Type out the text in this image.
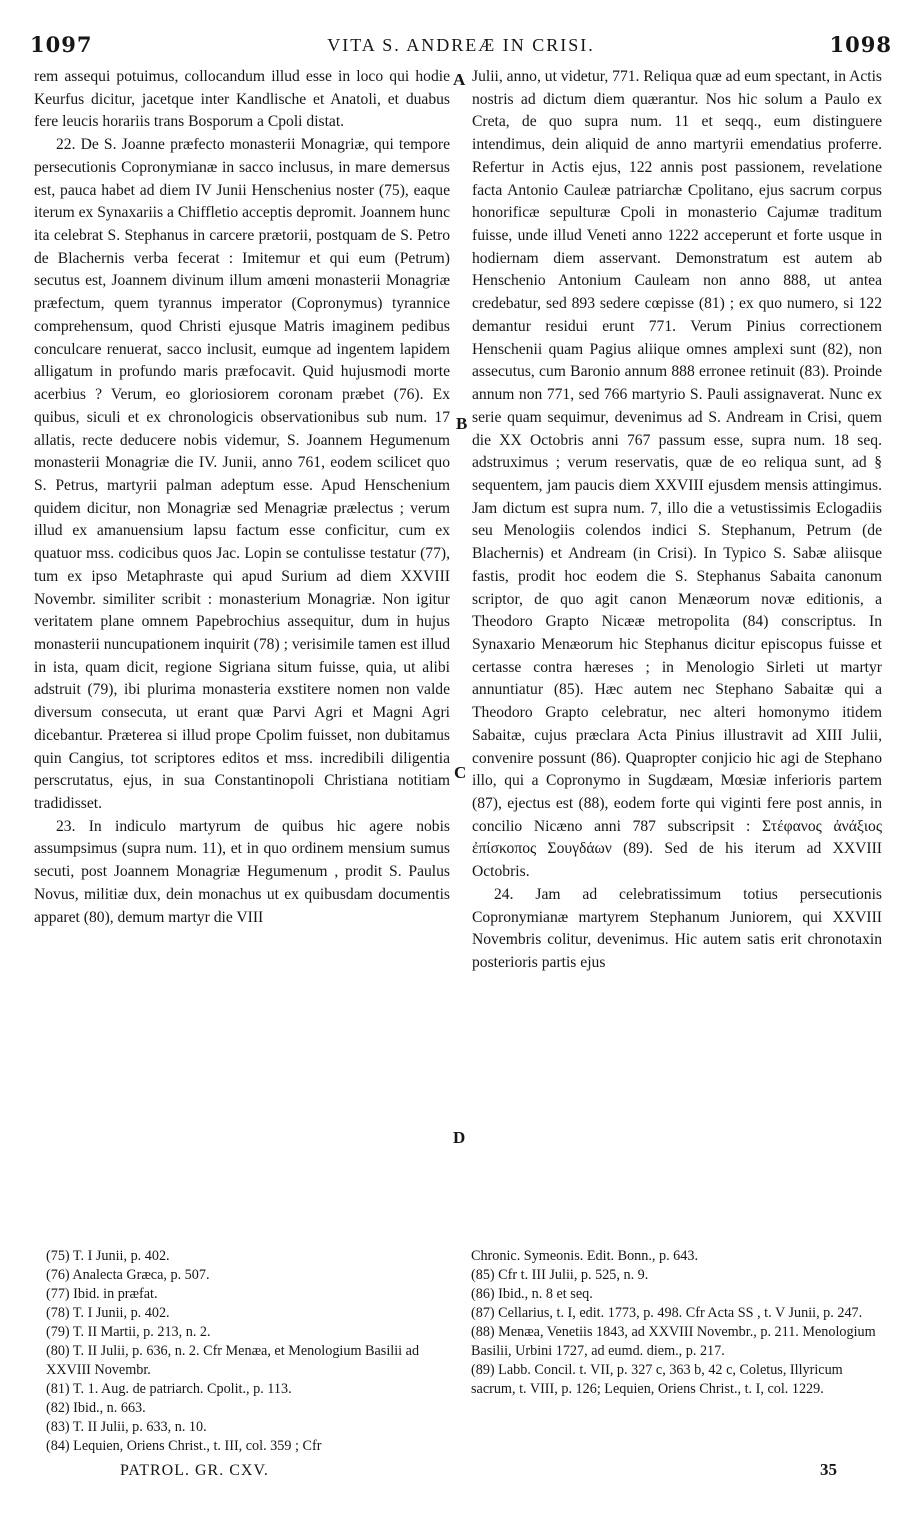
1097	VITA S. ANDREÆ IN CRISI.	1098

rem assequi potuimus, collocandum illud esse in loco qui hodie Keurfus dicitur, jacetque inter Kandlische et Anatoli, et duabus fere leucis horariis trans Bosporum a Cpoli distat.

22. De S. Joanne præfecto monasterii Monagriæ, qui tempore persecutionis Copronymianæ in sacco inclusus, in mare demersus est, pauca habet ad diem IV Junii Henschenius noster (75), eaque iterum ex Synaxariis a Chiffletio acceptis depromit. Joannem hunc ita celebrat S. Stephanus in carcere prætorii, postquam de S. Petro de Blachernis verba fecerat : Imitemur et qui eum (Petrum) secutus est, Joannem divinum illum amœni monasterii Monagriæ præfectum, quem tyrannus imperator (Copronymus) tyrannice comprehensum, quod Christi ejusque Matris imaginem pedibus conculcare renuerat, sacco inclusit, eumque ad ingentem lapidem alligatum in profundo maris præfocavit. Quid hujusmodi morte acerbius ? Verum, eo gloriosiorem coronam præbet (76). Ex quibus, siculi et ex chronologicis observationibus sub num. 17 allatis, recte deducere nobis videmur, S. Joannem Hegumenum monasterii Monagriæ die IV. Junii, anno 761, eodem scilicet quo S. Petrus, martyrii palman adeptum esse. Apud Henschenium quidem dicitur, non Monagriæ sed Menagriæ prælectus ; verum illud ex amanuensium lapsu factum esse conficitur, cum ex quatuor mss. codicibus quos Jac. Lopin se contulisse testatur (77), tum ex ipso Metaphraste qui apud Surium ad diem XXVIII Novembr. similiter scribit : monasterium Monagriæ. Non igitur veritatem plane omnem Papebrochius assequitur, dum in hujus monasterii nuncupationem inquirit (78) ; verisimile tamen est illud in ista, quam dicit, regione Sigriana situm fuisse, quia, ut alibi adstruit (79), ibi plurima monasteria exstitere nomen non valde diversum consecuta, ut erant quæ Parvi Agri et Magni Agri dicebantur. Præterea si illud prope Cpolim fuisset, non dubitamus quin Cangius, tot scriptores editos et mss. incredibili diligentia perscrutatus, ejus, in sua Constantinopoli Christiana notitiam tradidisset.

23. In indiculo martyrum de quibus hic agere nobis assumpsimus (supra num. 11), et in quo ordinem mensium sumus secuti, post Joannem Monagriæ Hegumenum , prodit S. Paulus Novus, militiæ dux, dein monachus ut ex quibusdam documentis apparet (80), demum martyr die VIII

A
B
C
D

Julii, anno, ut videtur, 771. Reliqua quæ ad eum spectant, in Actis nostris ad dictum diem quærantur. Nos hic solum a Paulo ex Creta, de quo supra num. 11 et seqq., eum distinguere intendimus, dein aliquid de anno martyrii emendatius proferre. Refertur in Actis ejus, 122 annis post passionem, revelatione facta Antonio Cauleæ patriarchæ Cpolitano, ejus sacrum corpus honorificæ sepulturæ Cpoli in monasterio Cajumæ traditum fuisse, unde illud Veneti anno 1222 acceperunt et forte usque in hodiernam diem asservant. Demonstratum est autem ab Henschenio Antonium Cauleam non anno 888, ut antea credebatur, sed 893 sedere cœpisse (81) ; ex quo numero, si 122 demantur residui erunt 771. Verum Pinius correctionem Henschenii quam Pagius aliique omnes amplexi sunt (82), non assecutus, cum Baronio annum 888 erronee retinuit (83). Proinde annum non 771, sed 766 martyrio S. Pauli assignaverat. Nunc ex serie quam sequimur, devenimus ad S. Andream in Crisi, quem die XX Octobris anni 767 passum esse, supra num. 18 seq. adstruximus ; verum reservatis, quæ de eo reliqua sunt, ad § sequentem, jam paucis diem XXVIII ejusdem mensis attingimus. Jam dictum est supra num. 7, illo die a vetustissimis Eclogadiis seu Menologiis colendos indici S. Stephanum, Petrum (de Blachernis) et Andream (in Crisi). In Typico S. Sabæ aliisque fastis, prodit hoc eodem die S. Stephanus Sabaita canonum scriptor, de quo agit canon Menæorum novæ editionis, a Theodoro Grapto Nicææ metropolita (84) conscriptus. In Synaxario Menæorum hic Stephanus dicitur episcopus fuisse et certasse contra hæreses ; in Menologio Sirleti ut martyr annuntiatur (85). Hæc autem nec Stephano Sabaitæ qui a Theodoro Grapto celebratur, nec alteri homonymo itidem Sabaitæ, cujus præclara Acta Pinius illustravit ad XIII Julii, convenire possunt (86). Quapropter conjicio hic agi de Stephano illo, qui a Copronymo in Sugdæam, Mœsiæ inferioris partem (87), ejectus est (88), eodem forte qui viginti fere post annis, in concilio Nicæno anni 787 subscripsit : Στέφανος ἀνάξιος ἐπίσκοπος Σουγδάων (89). Sed de his iterum ad XXVIII Octobris.

24. Jam ad celebratissimum totius persecutionis Copronymianæ martyrem Stephanum Juniorem, qui XXVIII Novembris colitur, devenimus. Hic autem satis erit chronotaxin posterioris partis ejus

(75) T. I Junii, p. 402.

(76) Analecta Græca, p. 507.

(77) Ibid. in præfat.

(78) T. I Junii, p. 402.

(79) T. II Martii, p. 213, n. 2.

(80) T. II Julii, p. 636, n. 2. Cfr Menæa, et Menologium Basilii ad XXVIII Novembr.

(81) T. 1. Aug. de patriarch. Cpolit., p. 113.

(82) Ibid., n. 663.

(83) T. II Julii, p. 633, n. 10.

(84) Lequien, Oriens Christ., t. III, col. 359 ; Cfr

Chronic. Symeonis. Edit. Bonn., p. 643.

(85) Cfr t. III Julii, p. 525, n. 9.

(86) Ibid., n. 8 et seq.

(87) Cellarius, t. I, edit. 1773, p. 498. Cfr Acta SS , t. V Junii, p. 247.

(88) Menæa, Venetiis 1843, ad XXVIII Novembr., p. 211. Menologium Basilii, Urbini 1727, ad eumd. diem., p. 217.

(89) Labb. Concil. t. VII, p. 327 c, 363 b, 42 c, Coletus, Illyricum sacrum, t. VIII, p. 126; Lequien, Oriens Christ., t. I, col. 1229.

PATROL. GR. CXV.	35
